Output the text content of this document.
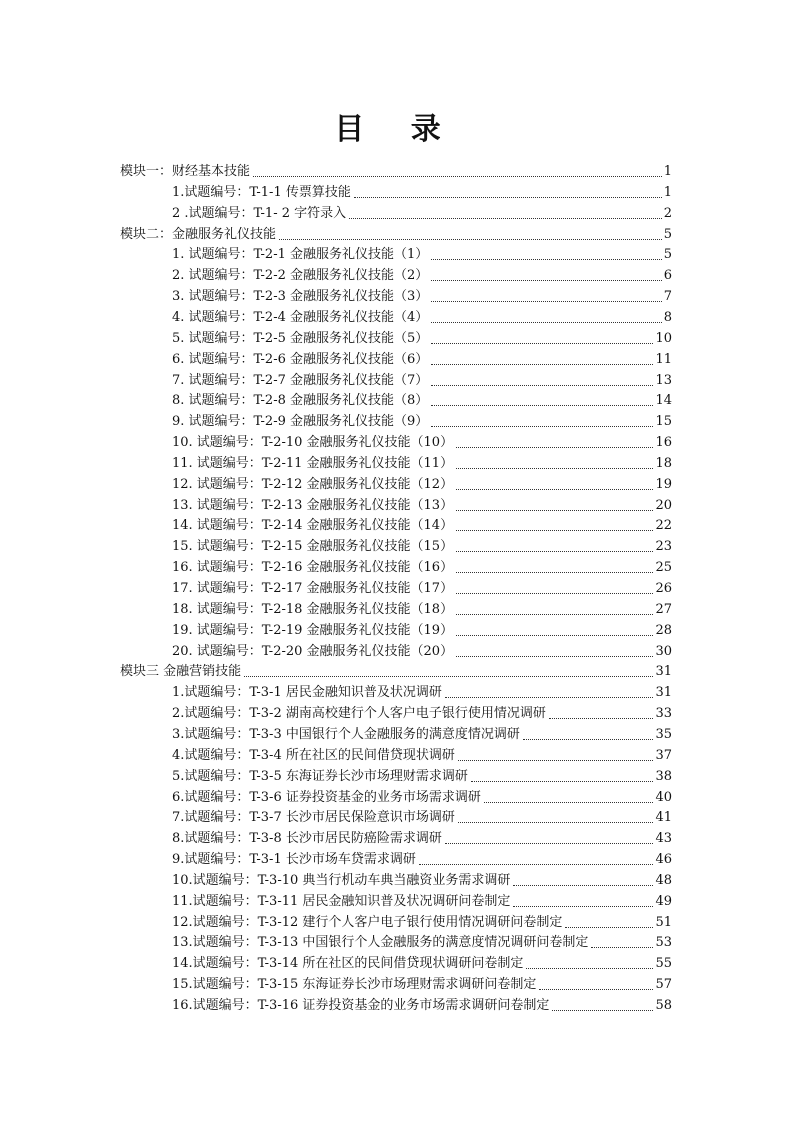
目 录
模块一：财经基本技能	1
1.试题编号：T-1-1 传票算技能	1
2 .试题编号：T-1- 2 字符录入	2
模块二：金融服务礼仪技能	5
1. 试题编号：T-2-1 金融服务礼仪技能（1）	5
2. 试题编号：T-2-2 金融服务礼仪技能（2）	6
3. 试题编号：T-2-3 金融服务礼仪技能（3）	7
4. 试题编号：T-2-4 金融服务礼仪技能（4）	8
5. 试题编号：T-2-5 金融服务礼仪技能（5）	10
6. 试题编号：T-2-6 金融服务礼仪技能（6）	11
7. 试题编号：T-2-7 金融服务礼仪技能（7）	13
8. 试题编号：T-2-8 金融服务礼仪技能（8）	14
9. 试题编号：T-2-9 金融服务礼仪技能（9）	15
10. 试题编号：T-2-10 金融服务礼仪技能（10）	16
11. 试题编号：T-2-11 金融服务礼仪技能（11）	18
12. 试题编号：T-2-12 金融服务礼仪技能（12）	19
13. 试题编号：T-2-13 金融服务礼仪技能（13）	20
14. 试题编号：T-2-14 金融服务礼仪技能（14）	22
15. 试题编号：T-2-15 金融服务礼仪技能（15）	23
16. 试题编号：T-2-16 金融服务礼仪技能（16）	25
17. 试题编号：T-2-17 金融服务礼仪技能（17）	26
18. 试题编号：T-2-18 金融服务礼仪技能（18）	27
19. 试题编号：T-2-19 金融服务礼仪技能（19）	28
20. 试题编号：T-2-20 金融服务礼仪技能（20）	30
模块三 金融营销技能	31
1.试题编号：T-3-1 居民金融知识普及状况调研	31
2.试题编号：T-3-2 湖南高校建行个人客户电子银行使用情况调研	33
3.试题编号：T-3-3 中国银行个人金融服务的满意度情况调研	35
4.试题编号：T-3-4 所在社区的民间借贷现状调研	37
5.试题编号：T-3-5 东海证券长沙市场理财需求调研	38
6.试题编号：T-3-6 证券投资基金的业务市场需求调研	40
7.试题编号：T-3-7 长沙市居民保险意识市场调研	41
8.试题编号：T-3-8 长沙市居民防癌险需求调研	43
9.试题编号：T-3-1 长沙市场车贷需求调研	46
10.试题编号：T-3-10 典当行机动车典当融资业务需求调研	48
11.试题编号：T-3-11 居民金融知识普及状况调研问卷制定	49
12.试题编号：T-3-12 建行个人客户电子银行使用情况调研问卷制定	51
13.试题编号：T-3-13 中国银行个人金融服务的满意度情况调研问卷制定	53
14.试题编号：T-3-14 所在社区的民间借贷现状调研问卷制定	55
15.试题编号：T-3-15 东海证券长沙市场理财需求调研问卷制定	57
16.试题编号：T-3-16 证券投资基金的业务市场需求调研问卷制定	58
